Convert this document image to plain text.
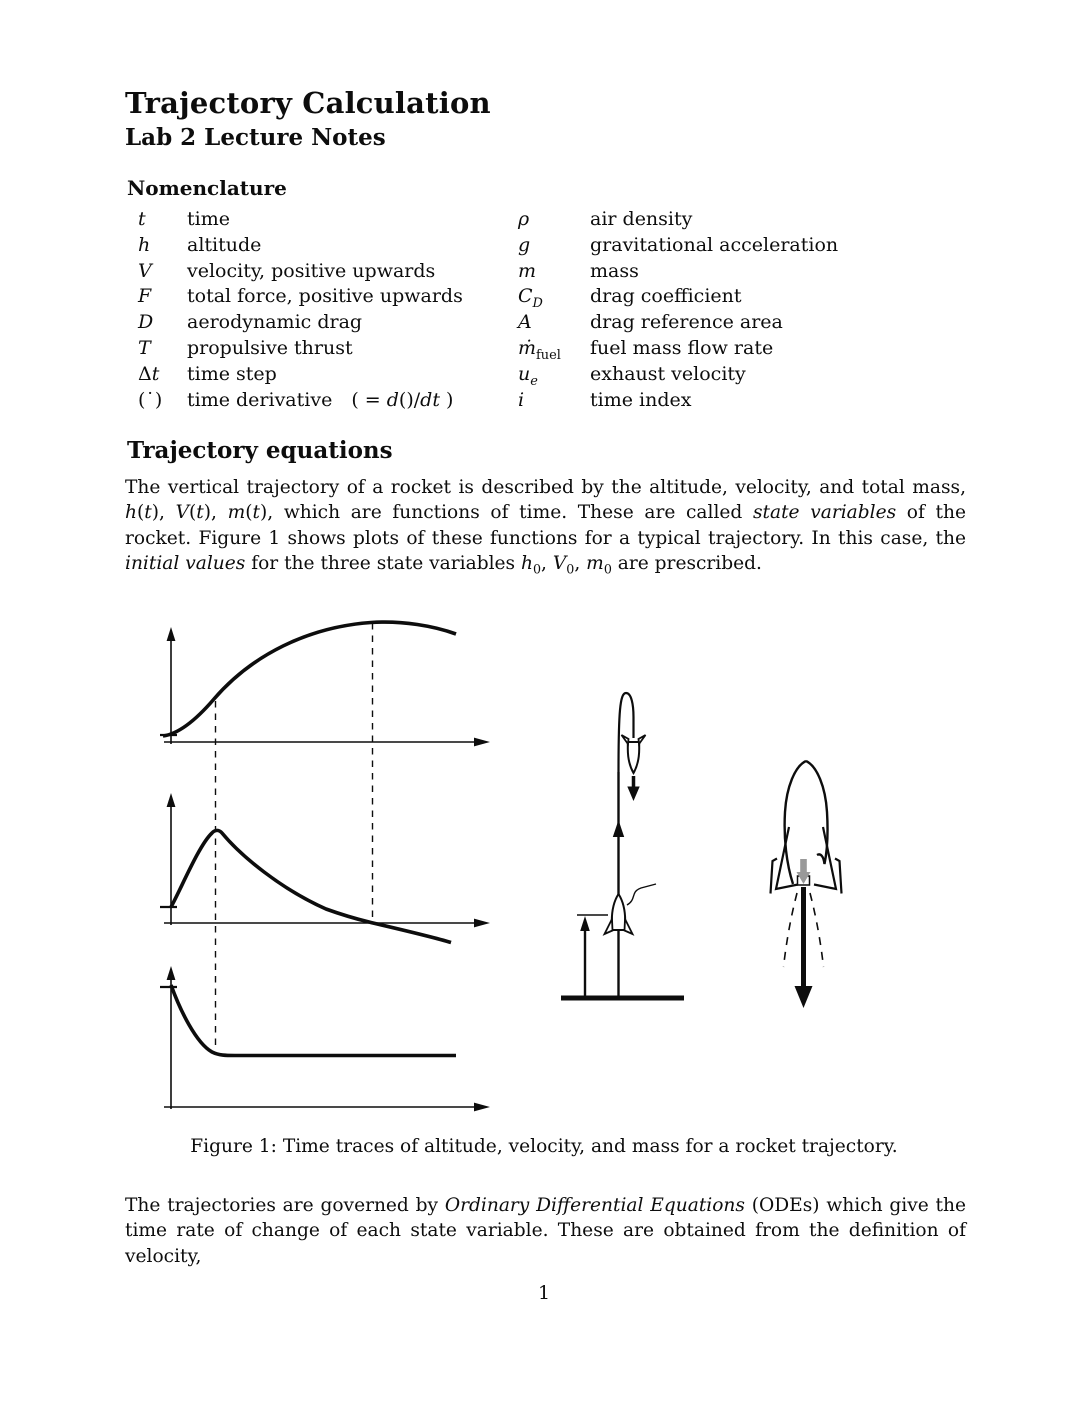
Trajectory Calculation
Lab 2 Lecture Notes
Nomenclature
t	time
h	altitude
V	velocity, positive upwards
F	total force, positive upwards
D	aerodynamic drag
T	propulsive thrust
Δt	time step
(˙)	time derivative  ( = d()/dt )
ρ	air density
g	gravitational acceleration
m	mass
$C_D$	drag coefficient
A	drag reference area
ṁ$_{fuel}$	fuel mass flow rate
$u_e$	exhaust velocity
i	time index
Trajectory equations
The vertical trajectory of a rocket is described by the altitude, velocity, and total mass, h(t), V(t), m(t), which are functions of time. These are called state variables of the rocket. Figure 1 shows plots of these functions for a typical trajectory. In this case, the initial values for the three state variables $h_0$, $V_0$, $m_0$ are prescribed.
Figure 1: Time traces of altitude, velocity, and mass for a rocket trajectory.
The trajectories are governed by Ordinary Differential Equations (ODEs) which give the time rate of change of each state variable. These are obtained from the definition of velocity,
1
